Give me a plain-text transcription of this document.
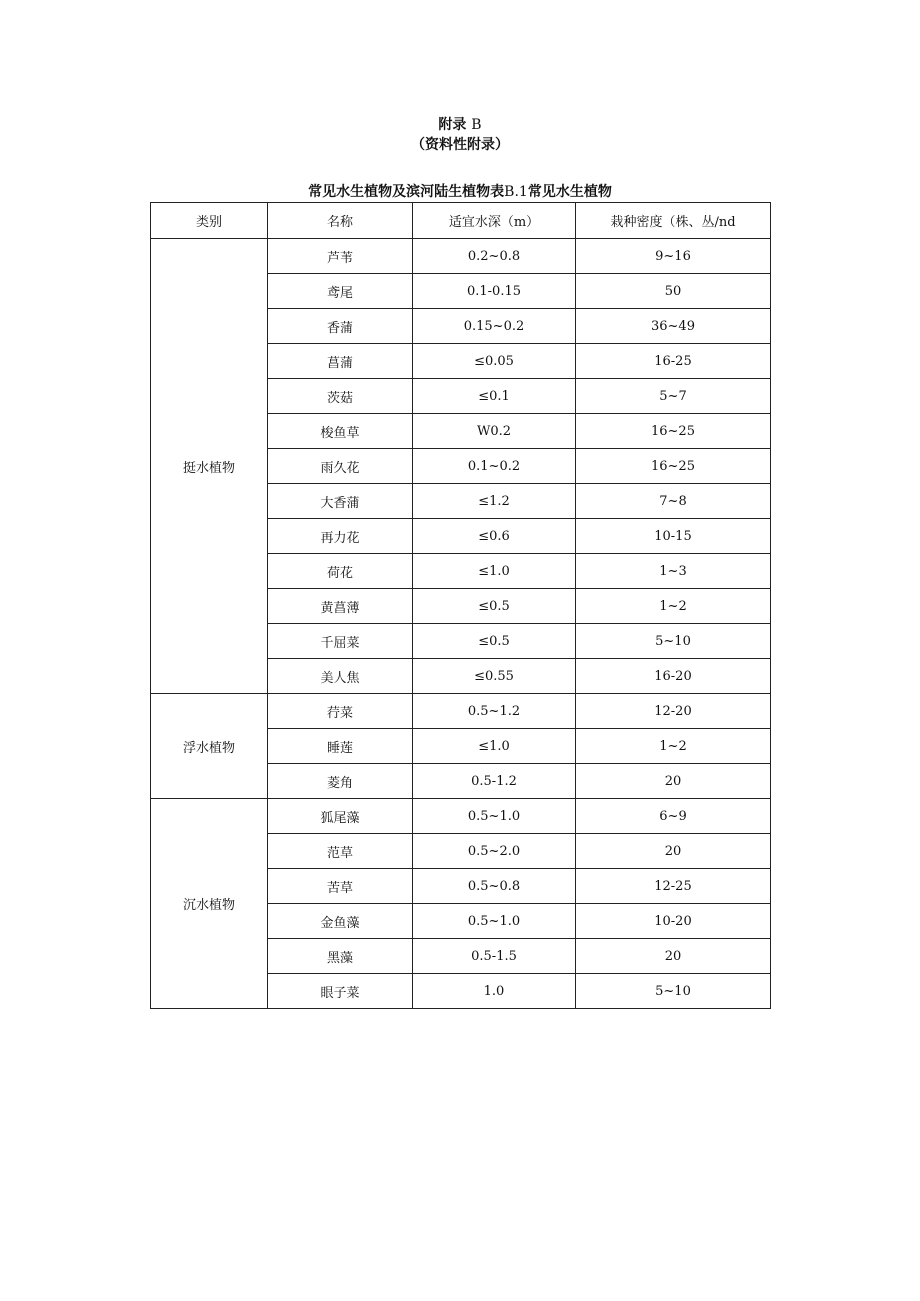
附录 B
（资料性附录）
常见水生植物及滨河陆生植物表B.1常见水生植物
类别	名称	适宜水深（m）	栽种密度（株、丛/nd
挺水植物	芦苇	0.2~0.8	9~16
	鸢尾	0.1-0.15	50
	香蒲	0.15~0.2	36~49
	菖蒲	≤0.05	16-25
	茨菇	≤0.1	5~7
	梭鱼草	W0.2	16~25
	雨久花	0.1~0.2	16~25
	大香蒲	≤1.2	7~8
	再力花	≤0.6	10-15
	荷花	≤1.0	1~3
	黄菖薄	≤0.5	1~2
	千屈菜	≤0.5	5~10
	美人焦	≤0.55	16-20
浮水植物	荇菜	0.5~1.2	12-20
	睡莲	≤1.0	1~2
	菱角	0.5-1.2	20
沉水植物	狐尾藻	0.5~1.0	6~9
	范草	0.5~2.0	20
	苦草	0.5~0.8	12-25
	金鱼藻	0.5~1.0	10-20
	黑藻	0.5-1.5	20
	眼子菜	1.0	5~10
